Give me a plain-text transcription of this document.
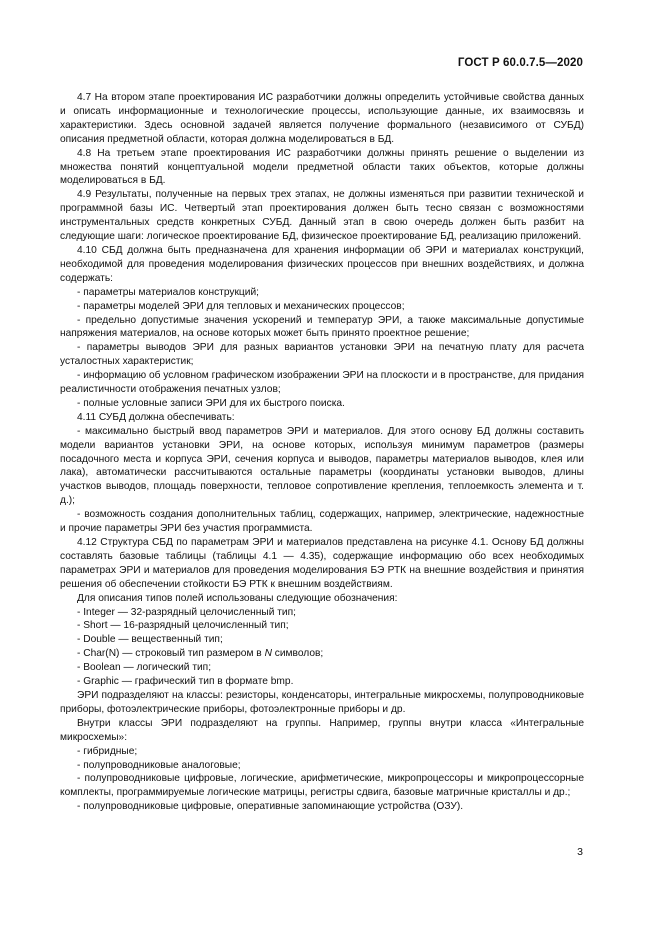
ГОСТ Р 60.0.7.5—2020

4.7 На втором этапе проектирования ИС разработчики должны определить устойчивые свойства данных и описать информационные и технологические процессы, использующие данные, их взаимосвязь и характеристики. Здесь основной задачей является получение формального (независимого от СУБД) описания предметной области, которая должна моделироваться в БД.

4.8 На третьем этапе проектирования ИС разработчики должны принять решение о выделении из множества понятий концептуальной модели предметной области таких объектов, которые должны моделироваться в БД.

4.9 Результаты, полученные на первых трех этапах, не должны изменяться при развитии технической и программной базы ИС. Четвертый этап проектирования должен быть тесно связан с возможностями инструментальных средств конкретных СУБД. Данный этап в свою очередь должен быть разбит на следующие шаги: логическое проектирование БД, физическое проектирование БД, реализацию приложений.

4.10 СБД должна быть предназначена для хранения информации об ЭРИ и материалах конструкций, необходимой для проведения моделирования физических процессов при внешних воздействиях, и должна содержать:

- параметры материалов конструкций;

- параметры моделей ЭРИ для тепловых и механических процессов;

- предельно допустимые значения ускорений и температур ЭРИ, а также максимальные допустимые напряжения материалов, на основе которых может быть принято проектное решение;

- параметры выводов ЭРИ для разных вариантов установки ЭРИ на печатную плату для расчета усталостных характеристик;

- информацию об условном графическом изображении ЭРИ на плоскости и в пространстве, для придания реалистичности отображения печатных узлов;

- полные условные записи ЭРИ для их быстрого поиска.

4.11 СУБД должна обеспечивать:

- максимально быстрый ввод параметров ЭРИ и материалов. Для этого основу БД должны составить модели вариантов установки ЭРИ, на основе которых, используя минимум параметров (размеры посадочного места и корпуса ЭРИ, сечения корпуса и выводов, параметры материалов выводов, клея или лака), автоматически рассчитываются остальные параметры (координаты установки выводов, длины участков выводов, площадь поверхности, тепловое сопротивление крепления, теплоемкость элемента и т. д.);

- возможность создания дополнительных таблиц, содержащих, например, электрические, надежностные и прочие параметры ЭРИ без участия программиста.

4.12 Структура СБД по параметрам ЭРИ и материалов представлена на рисунке 4.1. Основу БД должны составлять базовые таблицы (таблицы 4.1 — 4.35), содержащие информацию обо всех необходимых параметрах ЭРИ и материалов для проведения моделирования БЭ РТК на внешние воздействия и принятия решения об обеспечении стойкости БЭ РТК к внешним воздействиям.

Для описания типов полей использованы следующие обозначения:

- Integer — 32-разрядный целочисленный тип;

- Short — 16-разрядный целочисленный тип;

- Double — вещественный тип;

- Char(N) — строковый тип размером в N символов;

- Boolean — логический тип;

- Graphic — графический тип в формате bmp.

ЭРИ подразделяют на классы: резисторы, конденсаторы, интегральные микросхемы, полупроводниковые приборы, фотоэлектрические приборы, фотоэлектронные приборы и др.

Внутри классы ЭРИ подразделяют на группы. Например, группы внутри класса «Интегральные микросхемы»:

- гибридные;

- полупроводниковые аналоговые;

- полупроводниковые цифровые, логические, арифметические, микропроцессоры и микропроцессорные комплекты, программируемые логические матрицы, регистры сдвига, базовые матричные кристаллы и др.;

- полупроводниковые цифровые, оперативные запоминающие устройства (ОЗУ).

3
